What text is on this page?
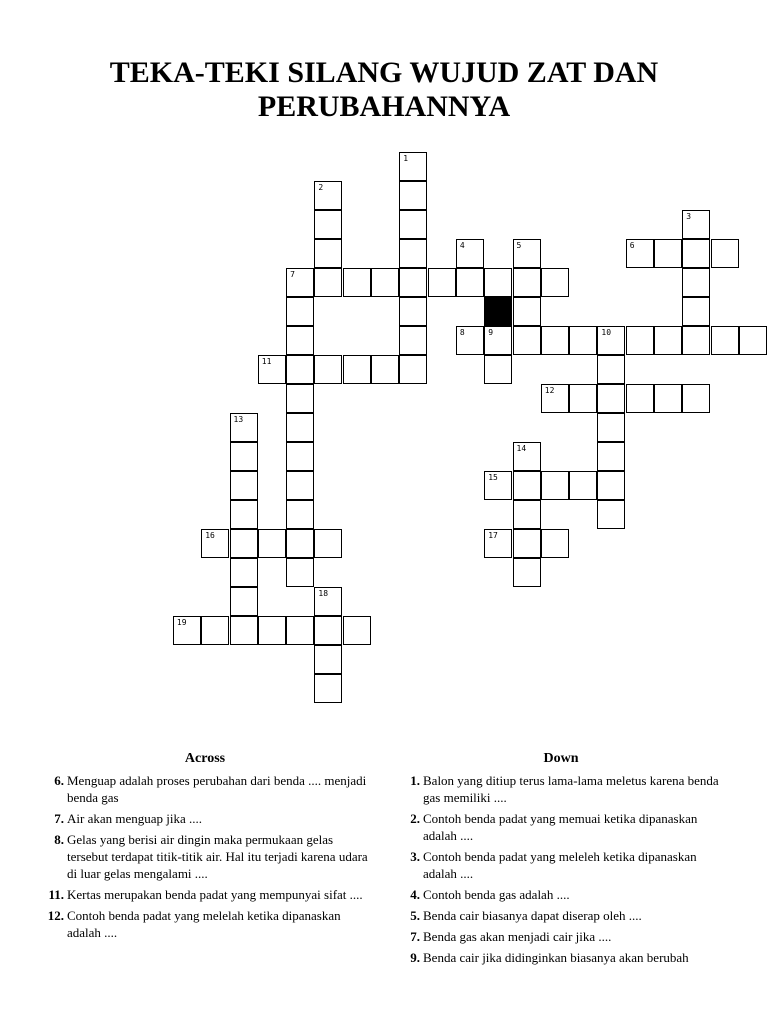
TEKA-TEKI SILANG WUJUD ZAT DAN PERUBAHANNYA
1
2
3
4	5	6
7
8	9	10
11
12
13
14
15
16	17
18
19
Across
6. Menguap adalah proses perubahan dari benda .... menjadi benda gas
7. Air akan menguap jika ....
8. Gelas yang berisi air dingin maka permukaan gelas tersebut terdapat titik-titik air. Hal itu terjadi karena udara di luar gelas mengalami ....
11. Kertas merupakan benda padat yang mempunyai sifat ....
12. Contoh benda padat yang melelah ketika dipanaskan adalah ....
Down
1. Balon yang ditiup terus lama-lama meletus karena benda gas memiliki ....
2. Contoh benda padat yang memuai ketika dipanaskan adalah ....
3. Contoh benda padat yang meleleh ketika dipanaskan adalah ....
4. Contoh benda gas adalah ....
5. Benda cair biasanya dapat diserap oleh ....
7. Benda gas akan menjadi cair jika ....
9. Benda cair jika didinginkan biasanya akan berubah
